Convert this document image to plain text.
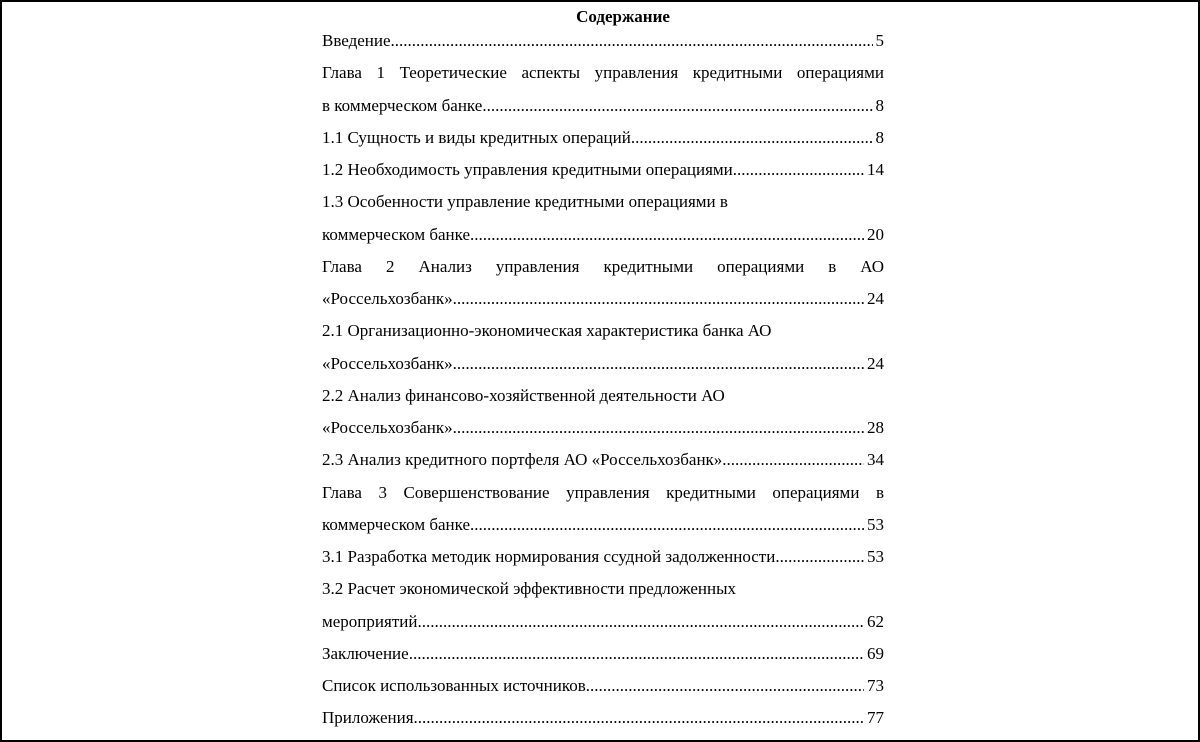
Содержание
Введение .....	5
Глава 1 Теоретические аспекты управления кредитными операциями
в коммерческом банке .....	8
1.1 Сущность и виды кредитных операций .....	8
1.2 Необходимость управления кредитными операциями .....	14
1.3 Особенности управление кредитными операциями в
коммерческом банке .....	20
Глава 2 Анализ управления кредитными операциями в АО
«Россельхозбанк» .....	24
2.1 Организационно-экономическая характеристика банка АО
«Россельхозбанк» .....	24
2.2 Анализ финансово-хозяйственной деятельности АО
«Россельхозбанк» .....	28
2.3 Анализ кредитного портфеля АО «Россельхозбанк» .....	34
Глава 3 Совершенствование управления кредитными операциями в
коммерческом банке .....	53
3.1 Разработка методик нормирования ссудной задолженности .....	53
3.2 Расчет экономической эффективности предложенных
мероприятий .....	62
Заключение .....	69
Список использованных источников .....	73
Приложения .....	77
